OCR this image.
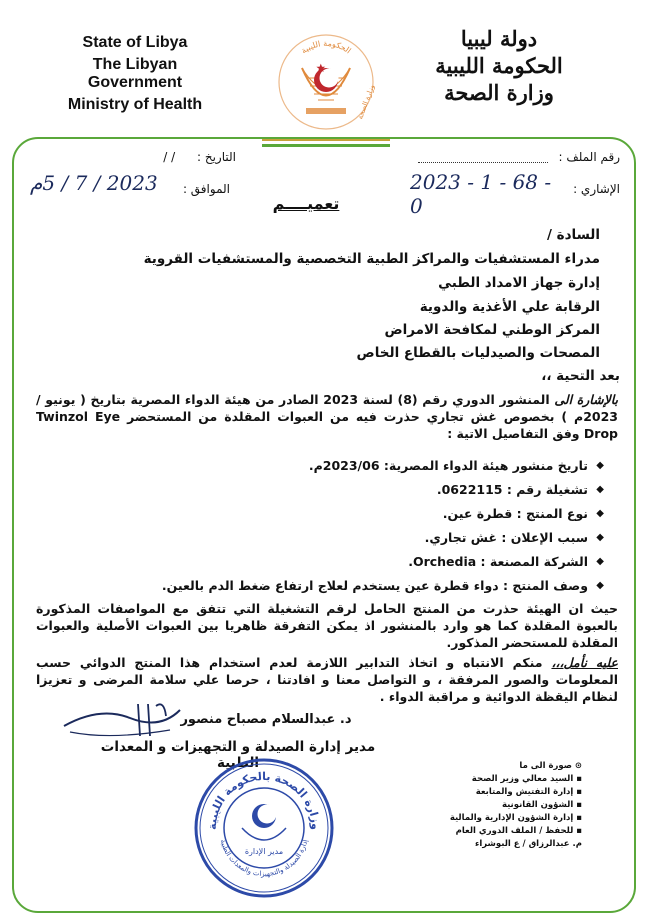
State of Libya
The Libyan Government
Ministry of Health
دولة ليبيا
الحكومة الليبية
وزارة الصحة
الحكومة الليبية
وزارة الصحة
التاريخ : / /
الموافق :
2023 / 7 / 5م
رقم الملف :
الإشاري :
2023 - 1 - 68 - 0
تعميــــم
السادة /
مدراء المستشفيات والمراكز الطبية التخصصية والمستشفيات القروية
إدارة جهاز الامداد الطبي
الرقابة علي الأغذية والدوية
المركز الوطني لمكافحة الامراض
المصحات والصيدليات بالقطاع الخاص
بعد التحية ،،
بالإشارة الى المنشور الدوري رقم (8) لسنة 2023 الصادر من هيئة الدواء المصرية بتاريخ ( يونيو / 2023م ) بخصوص غش تجاري حذرت فيه من العبوات المقلدة من المستحضر Twinzol Eye Drop وفق التفاصيل الاتية :
◆ تاريخ منشور هيئة الدواء المصرية: 2023/06م.
◆ تشغيلة رقم : 0622115.
◆ نوع المنتج : قطرة عين.
◆ سبب الإعلان : غش تجاري.
◆ الشركة المصنعة : Orchedia.
◆ وصف المنتج : دواء قطرة عين يستخدم لعلاج ارتفاع ضغط الدم بالعين.
حيث ان الهيئة حذرت من المنتج الحامل لرقم التشغيلة التي تتفق مع المواصفات المذكورة بالعبوة المقلدة كما هو وارد بالمنشور اذ يمكن التفرقة ظاهريا بين العبوات الأصلية والعبوات المقلدة للمستحضر المذكور.
عليه نأمل،،، منكم الانتباه و اتخاذ التدابير اللازمة لعدم استخدام هذا المنتج الدوائي حسب المعلومات والصور المرفقة ، و التواصل معنا و افادتنا ، حرصا علي سلامة المرضى و تعزيزا لنظام اليقظة الدوائية و مراقبة الدواء .
د. عبدالسلام مصباح منصور
مدير إدارة الصيدلة و التجهيزات و المعدات الطبية
وزارة الصحة بالحكومة الليبية
إدارة الصيدلة والتجهيزات والمعدات الطبية
مدير الإدارة
⊙ صورة الى ما
▪ السيد معالي وزير الصحة
▪ إدارة التفتيش والمتابعة
▪ الشؤون القانونية
▪ إدارة الشؤون الإدارية والمالية
▪ للحفظ / الملف الدوري العام
م. عبدالرزاق / ع البوشراء
